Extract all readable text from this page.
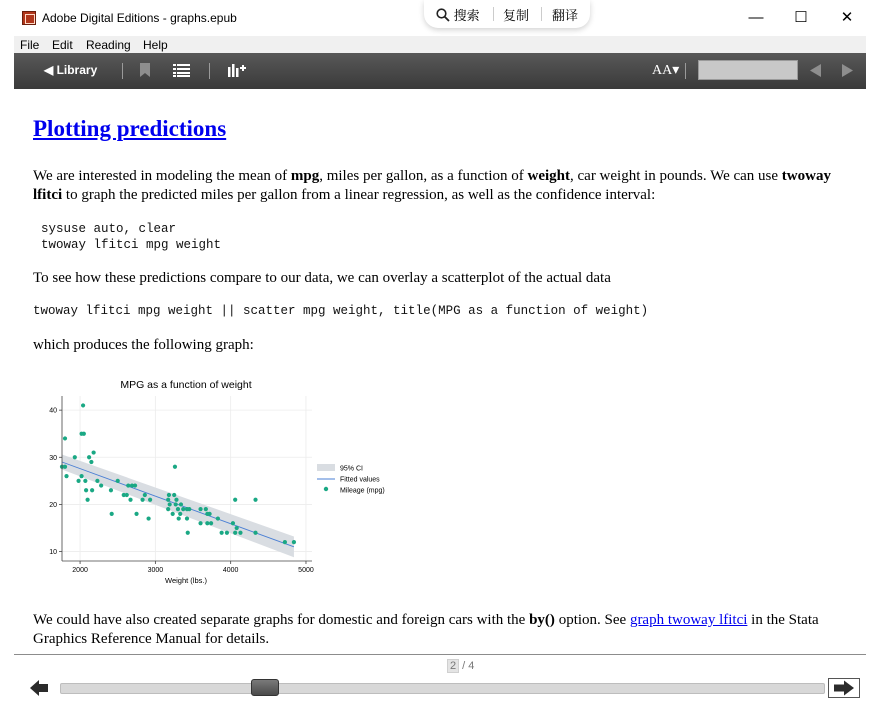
Adobe Digital Editions - graphs.epub	搜索 复制 翻译	—	☐	✕
File Edit Reading Help
◀ Library	AA▾
Plotting predictions
We are interested in modeling the mean of mpg, miles per gallon, as a function of weight, car weight in pounds. We can use twoway lfitci to graph the predicted miles per gallon from a linear regression, as well as the confidence interval:
sysuse auto, clear
twoway lfitci mpg weight
To see how these predictions compare to our data, we can overlay a scatterplot of the actual data
twoway lfitci mpg weight || scatter mpg weight, title(MPG as a function of weight)
which produces the following graph:
MPG as a function of weight
10
20
30
40
2000	3000	4000	5000
Weight (lbs.)
95% CI
Fitted values
Mileage (mpg)
We could have also created separate graphs for domestic and foreign cars with the by() option. See graph twoway lfitci in the Stata Graphics Reference Manual for details.
2 / 4
